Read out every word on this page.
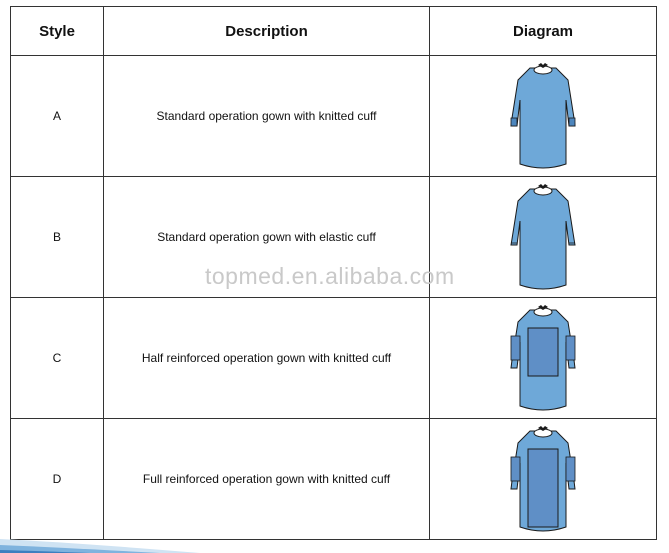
Style	Description	Diagram
A	Standard operation gown with knitted cuff	

B	Standard operation gown with elastic cuff	

C	Half reinforced operation gown with knitted cuff	

D	Full reinforced operation gown with knitted cuff	
topmed.en.alibaba.com
